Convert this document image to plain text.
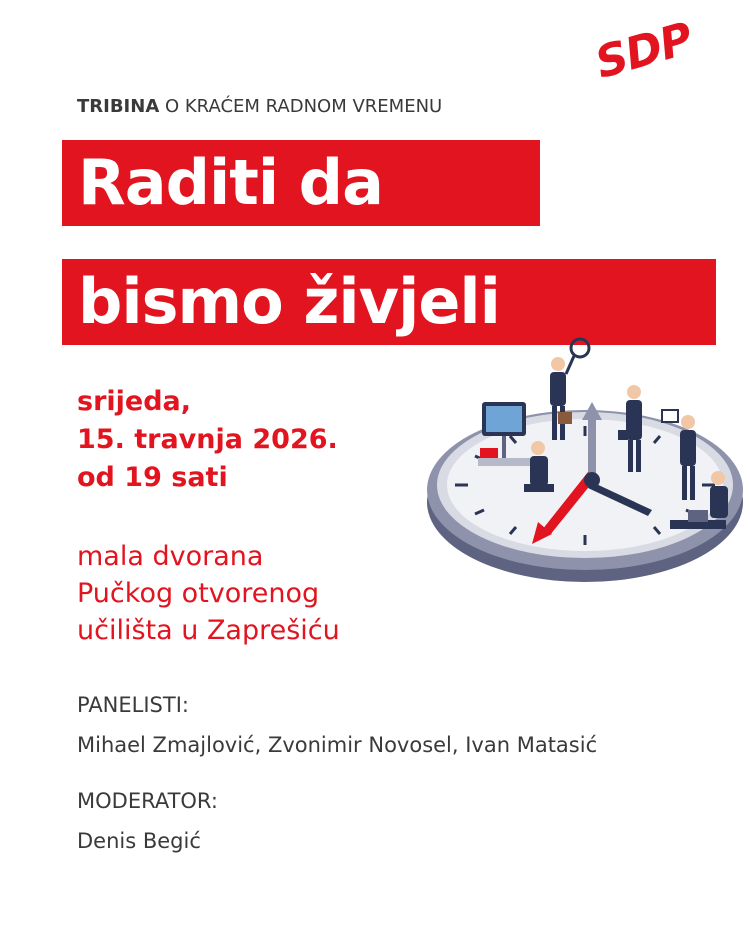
SDP
TRIBINA O KRAĆEM RADNOM VREMENU
Raditi da
bismo živjeli
srijeda,
15. travnja 2026.
od 19 sati
mala dvorana
Pučkog otvorenog
učilišta u Zaprešiću
PANELISTI:
Mihael Zmajlović, Zvonimir Novosel, Ivan Matasić
MODERATOR:
Denis Begić
